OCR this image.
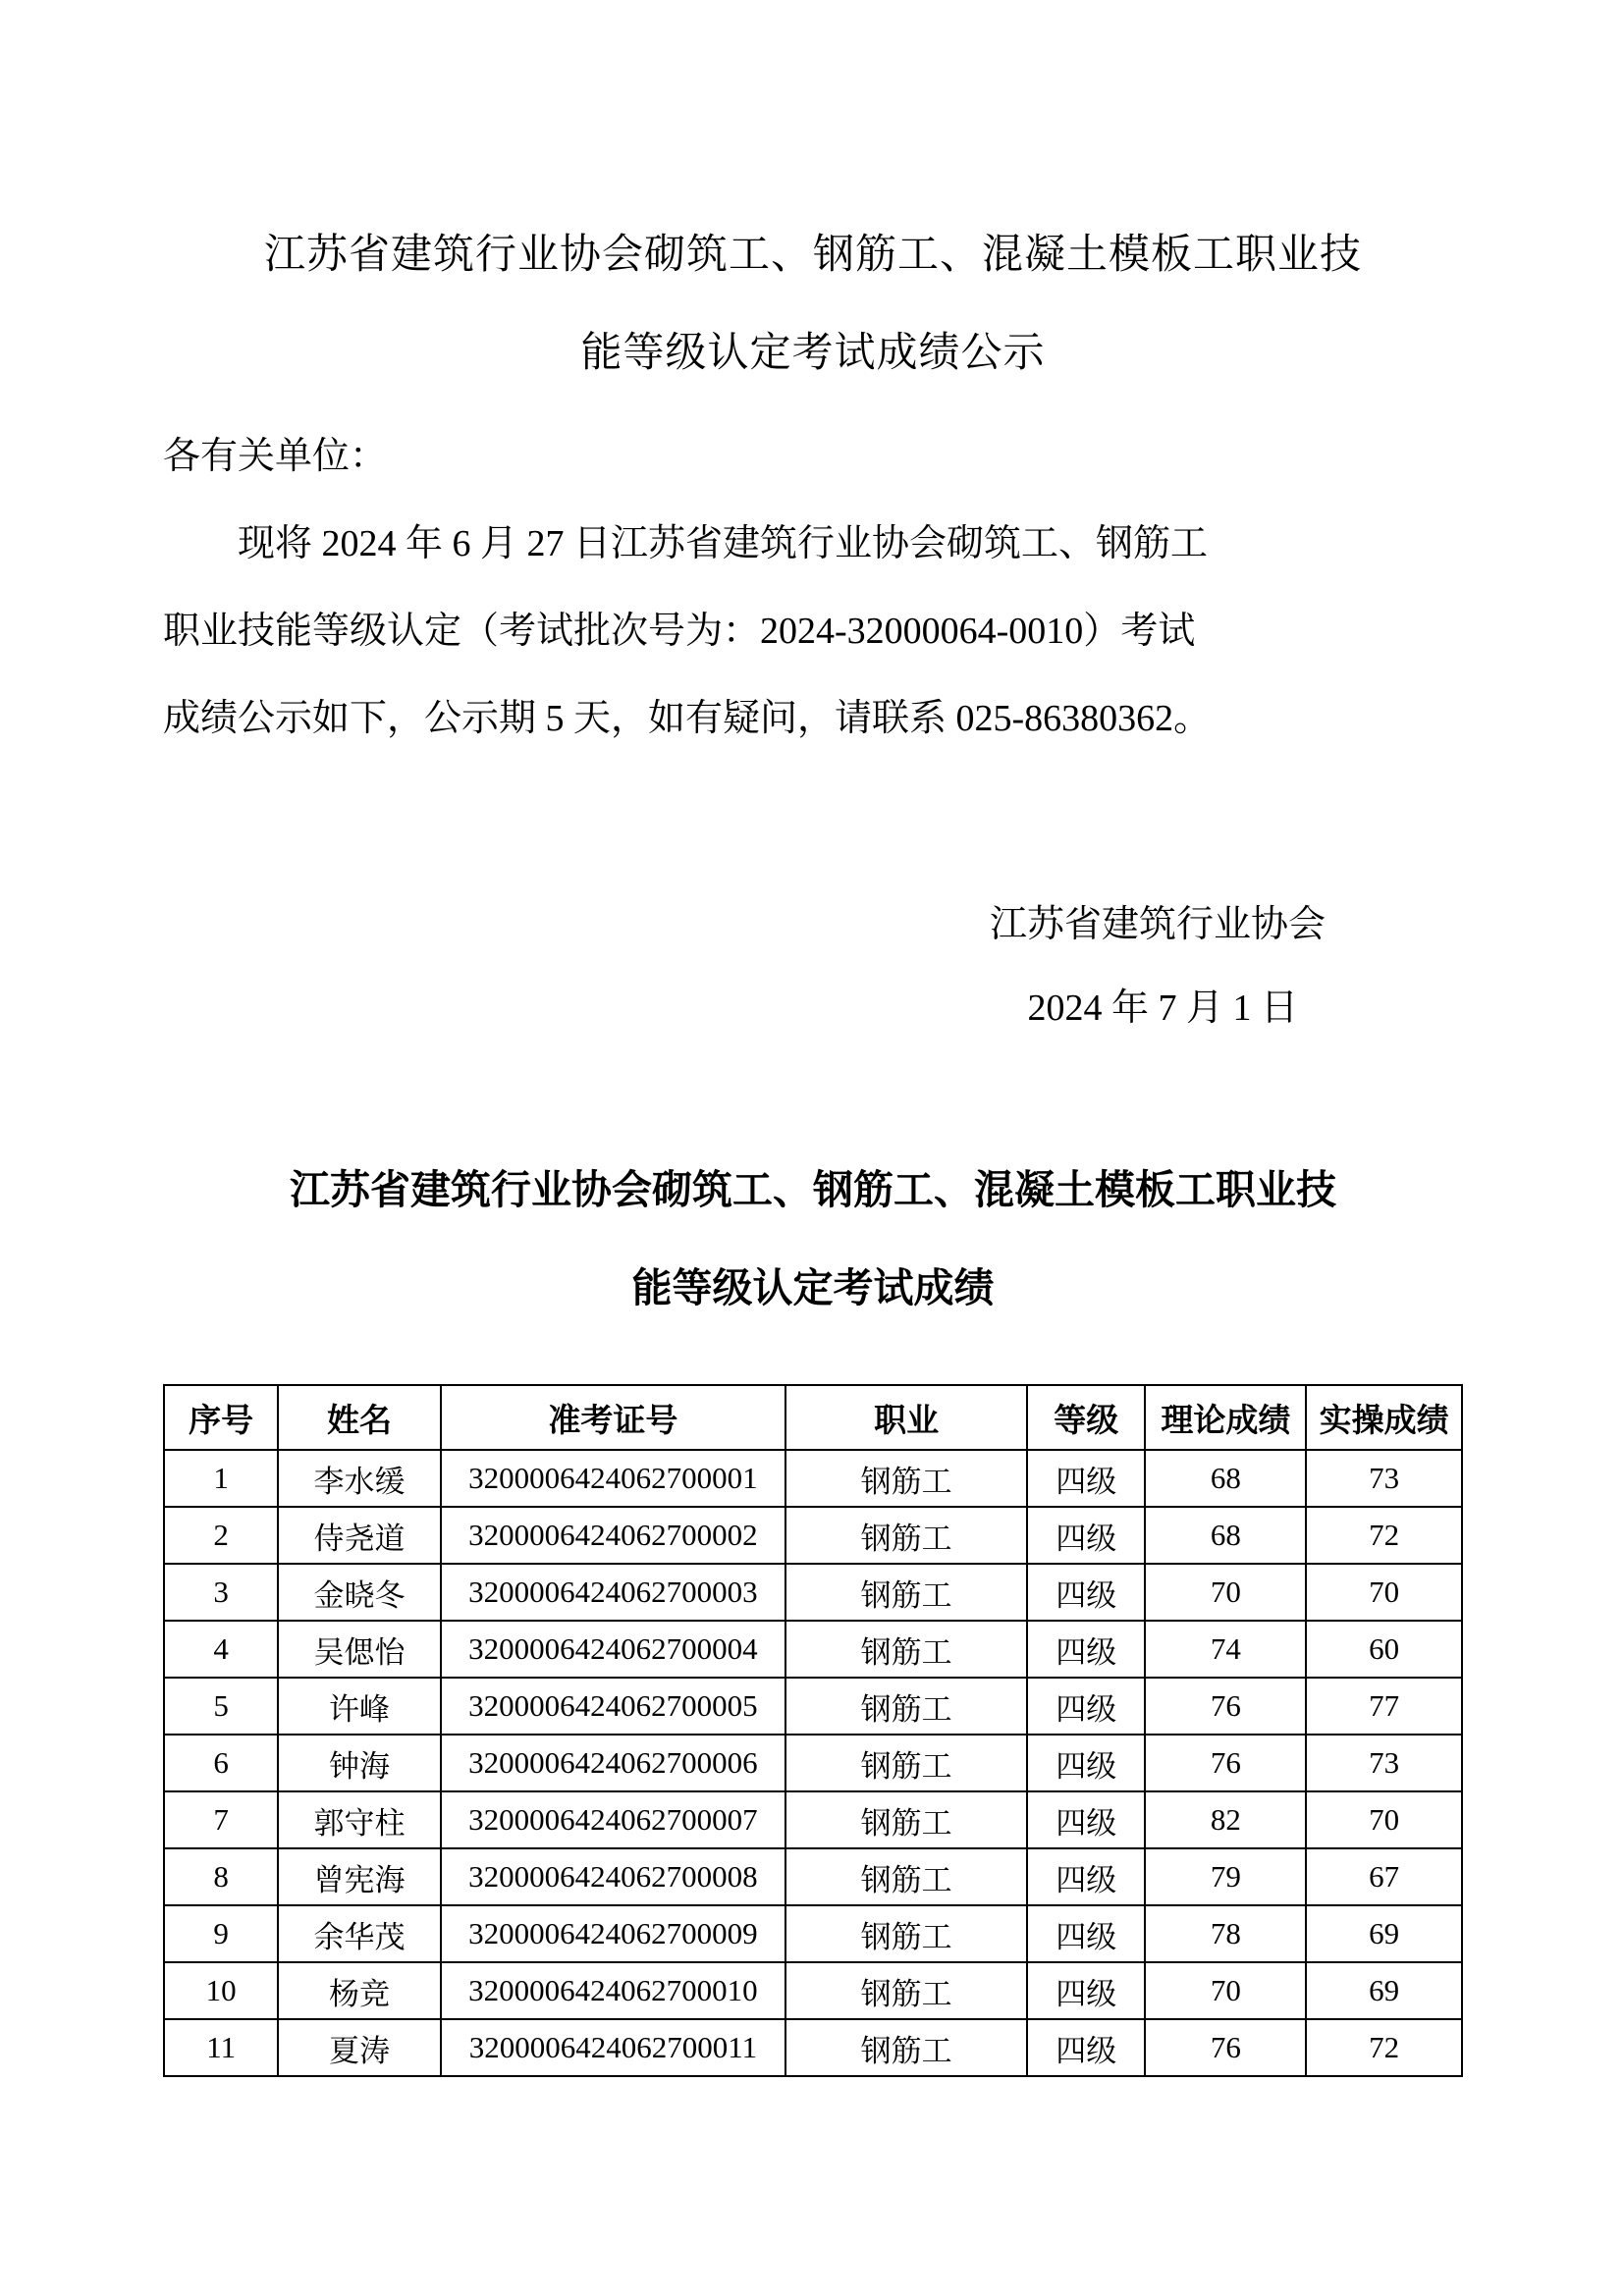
江苏省建筑行业协会砌筑工、钢筋工、混凝土模板工职业技
能等级认定考试成绩公示
各有关单位：
现将 2024 年 6 月 27 日江苏省建筑行业协会砌筑工、钢筋工
职业技能等级认定（考试批次号为：2024-32000064-0010）考试
成绩公示如下，公示期 5 天，如有疑问，请联系 025-86380362。
江苏省建筑行业协会
2024 年 7 月 1 日
江苏省建筑行业协会砌筑工、钢筋工、混凝土模板工职业技
能等级认定考试成绩
序号	姓名	准考证号	职业	等级	理论成绩	实操成绩
1	李水缓	3200006424062700001	钢筋工	四级	68	73
2	侍尧道	3200006424062700002	钢筋工	四级	68	72
3	金晓冬	3200006424062700003	钢筋工	四级	70	70
4	吴偲怡	3200006424062700004	钢筋工	四级	74	60
5	许峰	3200006424062700005	钢筋工	四级	76	77
6	钟海	3200006424062700006	钢筋工	四级	76	73
7	郭守柱	3200006424062700007	钢筋工	四级	82	70
8	曾宪海	3200006424062700008	钢筋工	四级	79	67
9	余华茂	3200006424062700009	钢筋工	四级	78	69
10	杨竞	3200006424062700010	钢筋工	四级	70	69
11	夏涛	3200006424062700011	钢筋工	四级	76	72
